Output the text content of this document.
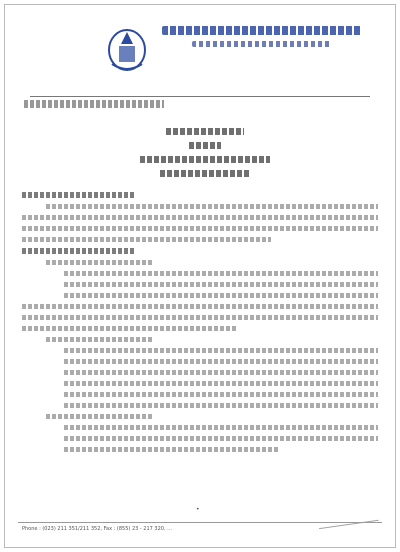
•
Phone : (023) 211 351/211 352, Fax : (855) 23 - 217 320, ...
